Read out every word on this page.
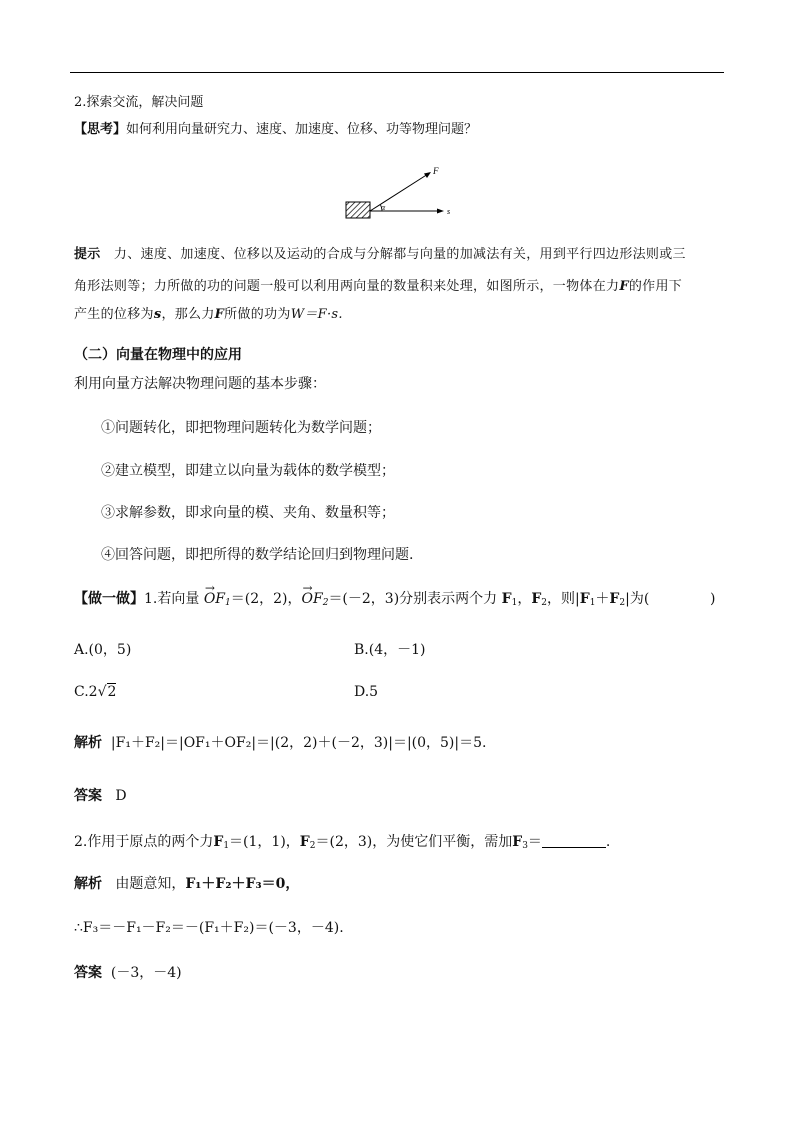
2.探索交流，解决问题
【思考】如何利用向量研究力、速度、加速度、位移、功等物理问题？
F
α	s
提示 力、速度、加速度、位移以及运动的合成与分解都与向量的加减法有关，用到平行四边形法则或三
角形法则等；力所做的功的问题一般可以利用两向量的数量积来处理，如图所示，一物体在力F的作用下
产生的位移为s，那么力F所做的功为W＝F·s.
（二）向量在物理中的应用
利用向量方法解决物理问题的基本步骤：
①问题转化，即把物理问题转化为数学问题；
②建立模型，即建立以向量为载体的数学模型；
③求解参数，即求向量的模、夹角、数量积等；
④回答问题，即把所得的数学结论回归到物理问题.
【做一做】1.若向量 → $OF_1=(2$，2)，→ $OF_2=(-2$，3)分别表示两个力 $F_1$，$F_2$，则$|F_1+F_2|$为(	)
A.(0，5)	B.(4，－1)
C.2√2	D.5
解析 |F₁＋F₂|＝|OF₁＋OF₂|＝|(2，2)＋(－2，3)|＝|(0，5)|＝5.
答案 D
2.作用于原点的两个力$F_1=(1$，1)，$F_2=(2$，3)，为使它们平衡，需加$F_3=$	.
解析 由题意知，F₁＋F₂＋F₃＝0，
∴F₃＝－F₁－F₂＝－(F₁＋F₂)＝(－3，－4).
答案 (－3，－4)
